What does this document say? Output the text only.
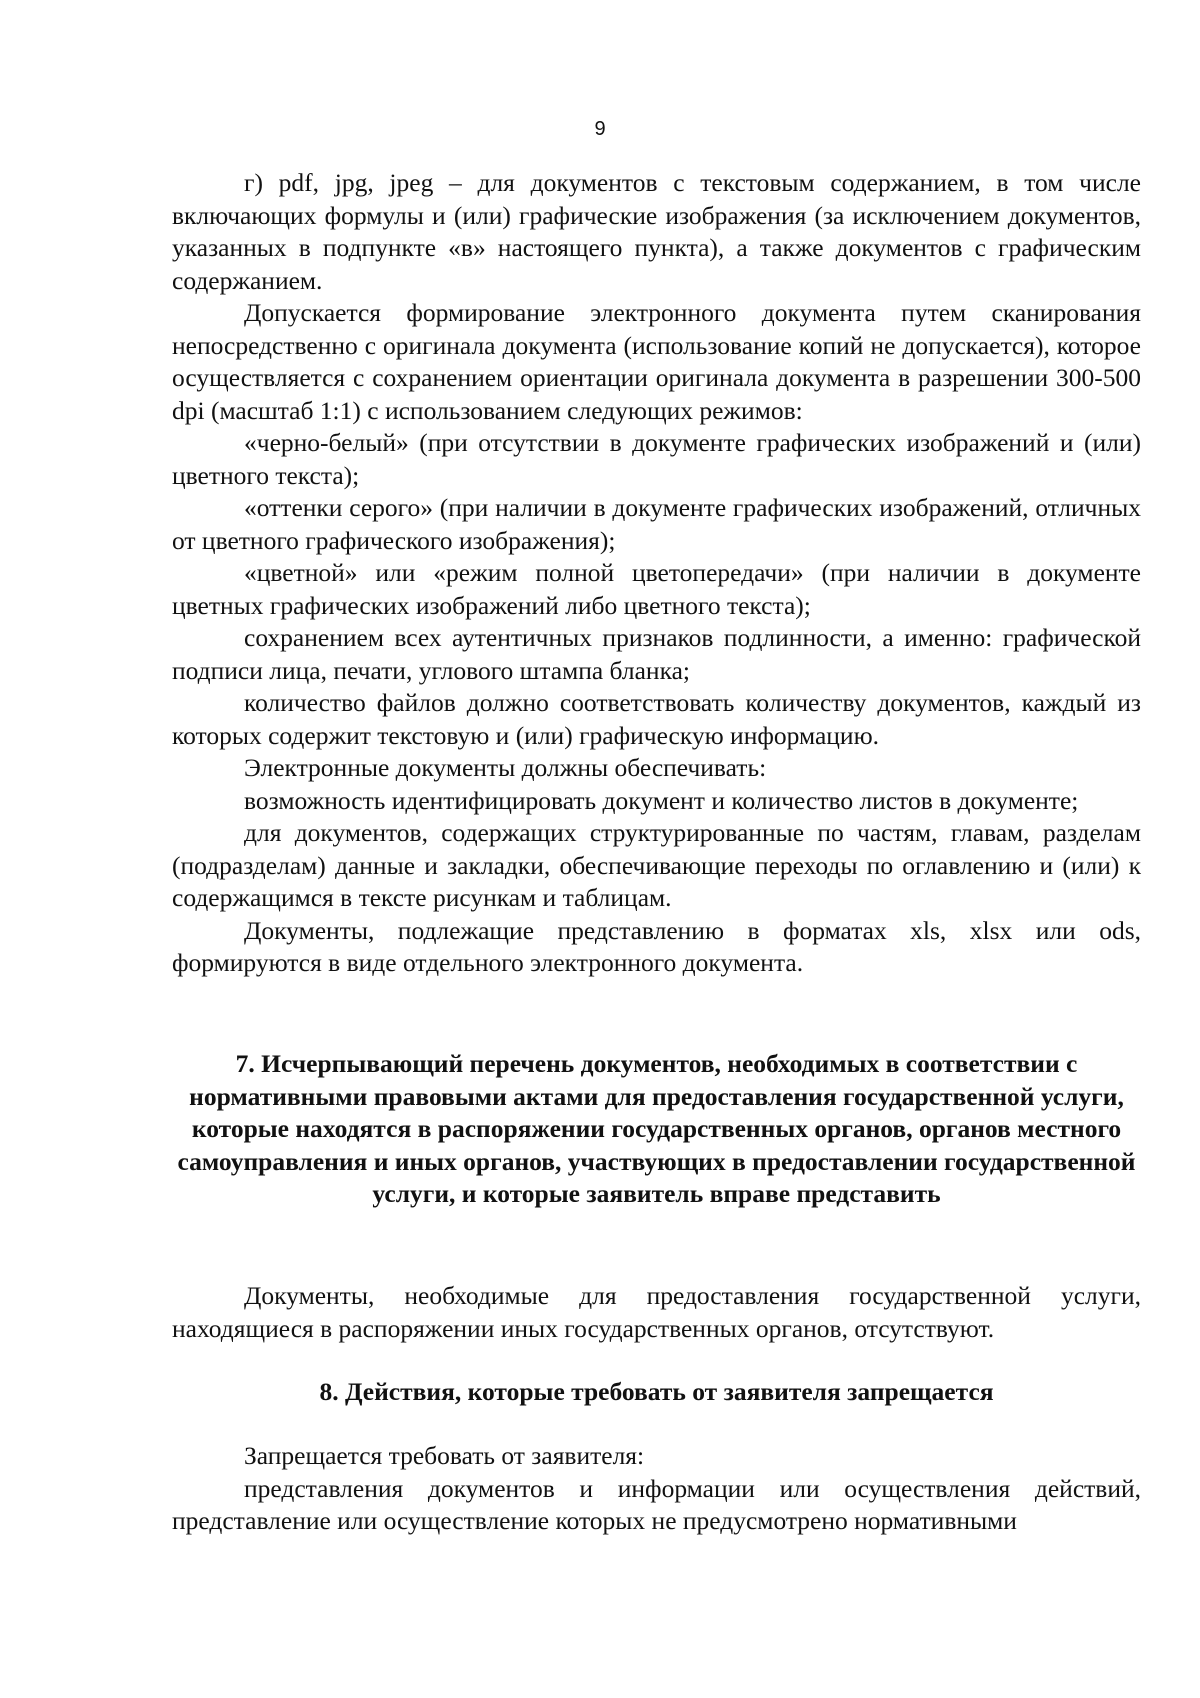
9

г) pdf, jpg, jpeg – для документов с текстовым содержанием, в том числе включающих формулы и (или) графические изображения (за исключением документов, указанных в подпункте «в» настоящего пункта), а также документов с графическим содержанием.

Допускается формирование электронного документа путем сканирования непосредственно с оригинала документа (использование копий не допускается), которое осуществляется с сохранением ориентации оригинала документа в разрешении 300-500 dpi (масштаб 1:1) с использованием следующих режимов:

«черно-белый» (при отсутствии в документе графических изображений и (или) цветного текста);

«оттенки серого» (при наличии в документе графических изображений, отличных от цветного графического изображения);

«цветной» или «режим полной цветопередачи» (при наличии в документе цветных графических изображений либо цветного текста);

сохранением всех аутентичных признаков подлинности, а именно: графической подписи лица, печати, углового штампа бланка;

количество файлов должно соответствовать количеству документов, каждый из которых содержит текстовую и (или) графическую информацию.

Электронные документы должны обеспечивать:

возможность идентифицировать документ и количество листов в документе;

для документов, содержащих структурированные по частям, главам, разделам (подразделам) данные и закладки, обеспечивающие переходы по оглавлению и (или) к содержащимся в тексте рисункам и таблицам.

Документы, подлежащие представлению в форматах xls, xlsx или ods, формируются в виде отдельного электронного документа.

7. Исчерпывающий перечень документов, необходимых в соответствии с нормативными правовыми актами для предоставления государственной услуги, которые находятся в распоряжении государственных органов, органов местного самоуправления и иных органов, участвующих в предоставлении государственной услуги, и которые заявитель вправе представить

Документы, необходимые для предоставления государственной услуги, находящиеся в распоряжении иных государственных органов, отсутствуют.

8. Действия, которые требовать от заявителя запрещается

Запрещается требовать от заявителя:

представления документов и информации или осуществления действий, представление или осуществление которых не предусмотрено нормативными
